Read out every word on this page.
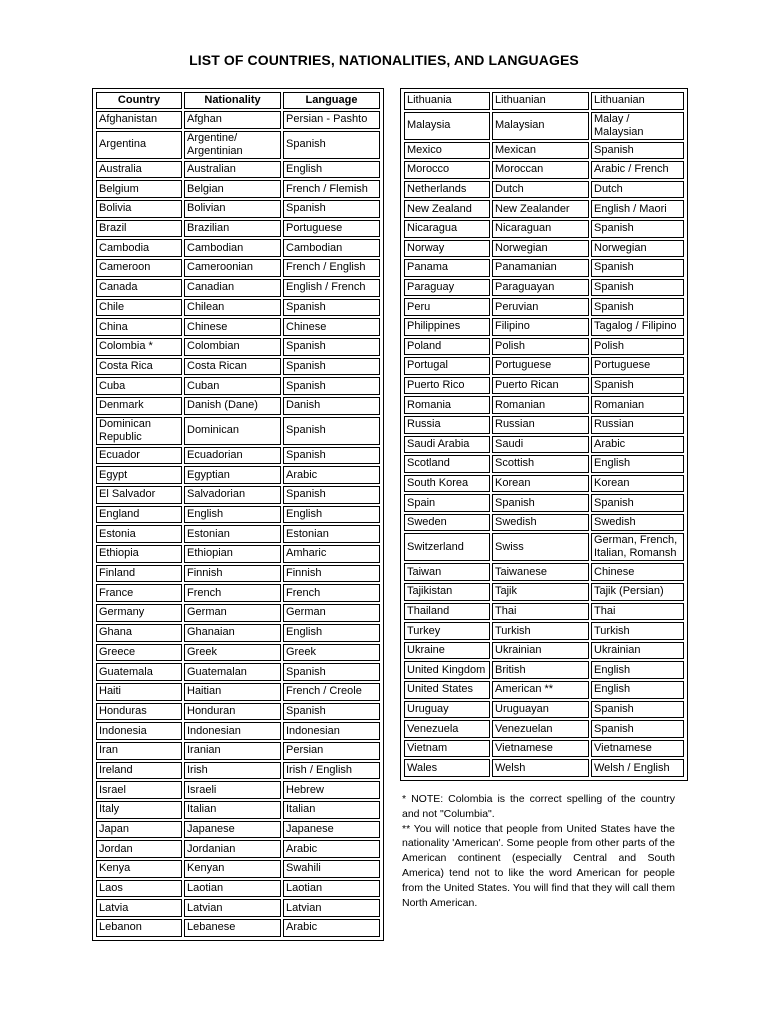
LIST OF COUNTRIES, NATIONALITIES, AND LANGUAGES
Country	Nationality	Language
Afghanistan	Afghan	Persian - Pashto
Argentina	Argentine/ Argentinian	Spanish
Australia	Australian	English
Belgium	Belgian	French / Flemish
Bolivia	Bolivian	Spanish
Brazil	Brazilian	Portuguese
Cambodia	Cambodian	Cambodian
Cameroon	Cameroonian	French / English
Canada	Canadian	English / French
Chile	Chilean	Spanish
China	Chinese	Chinese
Colombia *	Colombian	Spanish
Costa Rica	Costa Rican	Spanish
Cuba	Cuban	Spanish
Denmark	Danish (Dane)	Danish
Dominican Republic	Dominican	Spanish
Ecuador	Ecuadorian	Spanish
Egypt	Egyptian	Arabic
El Salvador	Salvadorian	Spanish
England	English	English
Estonia	Estonian	Estonian
Ethiopia	Ethiopian	Amharic
Finland	Finnish	Finnish
France	French	French
Germany	German	German
Ghana	Ghanaian	English
Greece	Greek	Greek
Guatemala	Guatemalan	Spanish
Haiti	Haitian	French / Creole
Honduras	Honduran	Spanish
Indonesia	Indonesian	Indonesian
Iran	Iranian	Persian
Ireland	Irish	Irish / English
Israel	Israeli	Hebrew
Italy	Italian	Italian
Japan	Japanese	Japanese
Jordan	Jordanian	Arabic
Kenya	Kenyan	Swahili
Laos	Laotian	Laotian
Latvia	Latvian	Latvian
Lebanon	Lebanese	Arabic
Lithuania	Lithuanian	Lithuanian
Malaysia	Malaysian	Malay / Malaysian
Mexico	Mexican	Spanish
Morocco	Moroccan	Arabic / French
Netherlands	Dutch	Dutch
New Zealand	New Zealander	English / Maori
Nicaragua	Nicaraguan	Spanish
Norway	Norwegian	Norwegian
Panama	Panamanian	Spanish
Paraguay	Paraguayan	Spanish
Peru	Peruvian	Spanish
Philippines	Filipino	Tagalog / Filipino
Poland	Polish	Polish
Portugal	Portuguese	Portuguese
Puerto Rico	Puerto Rican	Spanish
Romania	Romanian	Romanian
Russia	Russian	Russian
Saudi Arabia	Saudi	Arabic
Scotland	Scottish	English
South Korea	Korean	Korean
Spain	Spanish	Spanish
Sweden	Swedish	Swedish
Switzerland	Swiss	German, French, Italian, Romansh
Taiwan	Taiwanese	Chinese
Tajikistan	Tajik	Tajik (Persian)
Thailand	Thai	Thai
Turkey	Turkish	Turkish
Ukraine	Ukrainian	Ukrainian
United Kingdom	British	English
United States	American **	English
Uruguay	Uruguayan	Spanish
Venezuela	Venezuelan	Spanish
Vietnam	Vietnamese	Vietnamese
Wales	Welsh	Welsh / English

* NOTE: Colombia is the correct spelling of the country and not "Columbia".

** You will notice that people from United States have the nationality 'American'. Some people from other parts of the American continent (especially Central and South America) tend not to like the word American for people from the United States. You will find that they will call them North American.
